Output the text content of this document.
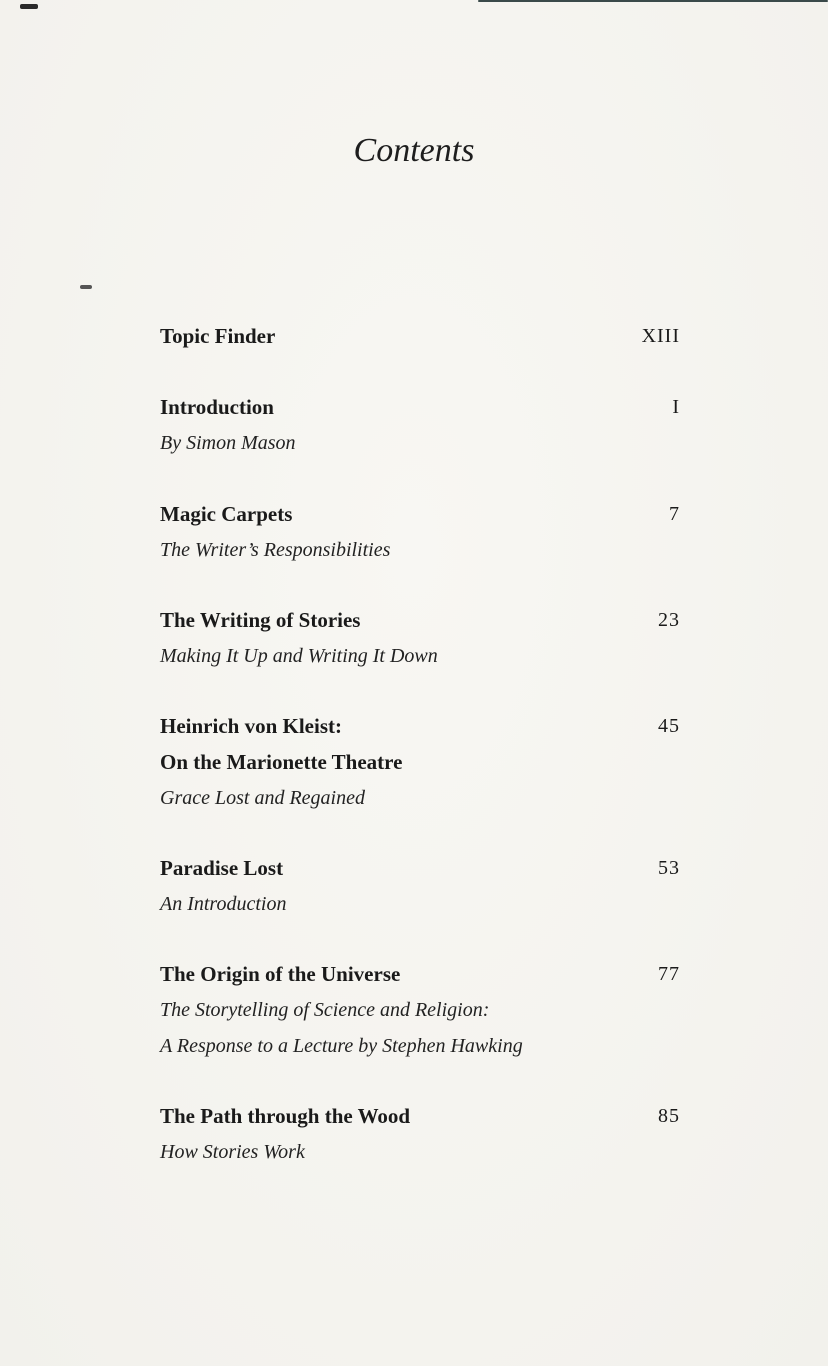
Contents
Topic Finder	XIII
Introduction	I
By Simon Mason
Magic Carpets	7
The Writer’s Responsibilities
The Writing of Stories	23
Making It Up and Writing It Down
Heinrich von Kleist:	45
On the Marionette Theatre
Grace Lost and Regained
Paradise Lost	53
An Introduction
The Origin of the Universe	77
The Storytelling of Science and Religion:
A Response to a Lecture by Stephen Hawking
The Path through the Wood	85
How Stories Work
